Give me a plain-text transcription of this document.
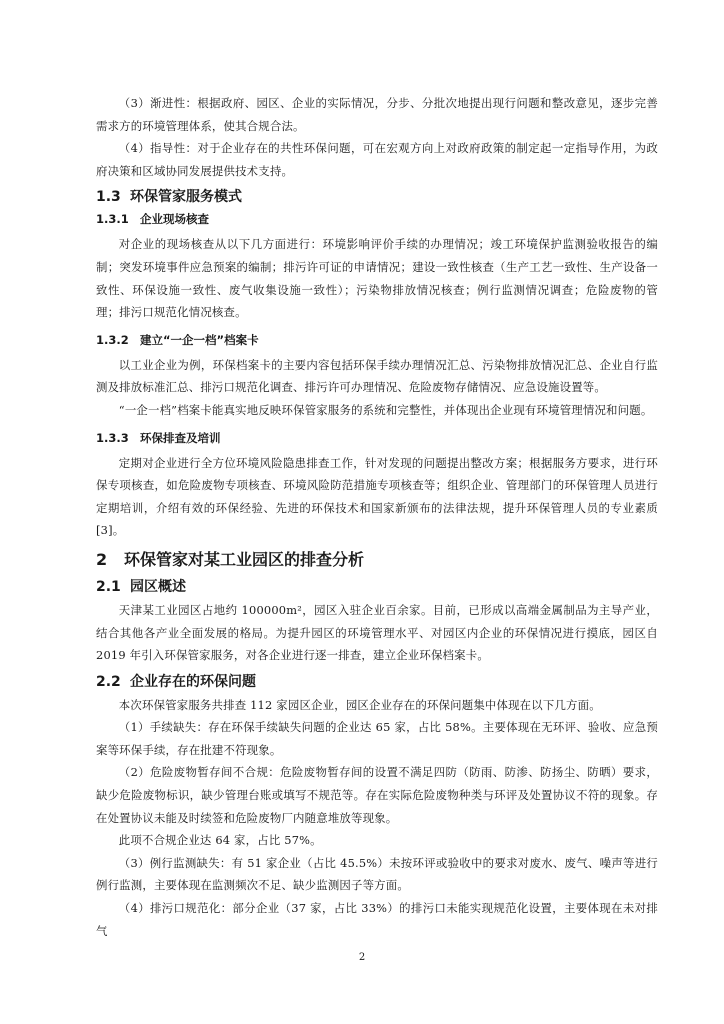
（3）渐进性：根据政府、园区、企业的实际情况，分步、分批次地提出现行问题和整改意见，逐步完善需求方的环境管理体系，使其合规合法。

（4）指导性：对于企业存在的共性环保问题，可在宏观方向上对政府政策的制定起一定指导作用，为政府决策和区域协同发展提供技术支持。

1.3 环保管家服务模式
1.3.1 企业现场核查

对企业的现场核查从以下几方面进行：环境影响评价手续的办理情况；竣工环境保护监测验收报告的编制；突发环境事件应急预案的编制；排污许可证的申请情况；建设一致性核查（生产工艺一致性、生产设备一致性、环保设施一致性、废气收集设施一致性）；污染物排放情况核查；例行监测情况调查；危险废物的管理；排污口规范化情况核查。

1.3.2 建立“一企一档”档案卡

以工业企业为例，环保档案卡的主要内容包括环保手续办理情况汇总、污染物排放情况汇总、企业自行监测及排放标准汇总、排污口规范化调查、排污许可办理情况、危险废物存储情况、应急设施设置等。

“一企一档”档案卡能真实地反映环保管家服务的系统和完整性，并体现出企业现有环境管理情况和问题。

1.3.3 环保排查及培训

定期对企业进行全方位环境风险隐患排查工作，针对发现的问题提出整改方案；根据服务方要求，进行环保专项核查，如危险废物专项核查、环境风险防范措施专项核查等；组织企业、管理部门的环保管理人员进行定期培训，介绍有效的环保经验、先进的环保技术和国家新颁布的法律法规，提升环保管理人员的专业素质[3]。

2 环保管家对某工业园区的排查分析
2.1 园区概述

天津某工业园区占地约 100000m²，园区入驻企业百余家。目前，已形成以高端金属制品为主导产业，结合其他各产业全面发展的格局。为提升园区的环境管理水平、对园区内企业的环保情况进行摸底，园区自 2019 年引入环保管家服务，对各企业进行逐一排查，建立企业环保档案卡。

2.2 企业存在的环保问题

本次环保管家服务共排查 112 家园区企业，园区企业存在的环保问题集中体现在以下几方面。

（1）手续缺失：存在环保手续缺失问题的企业达 65 家，占比 58%。主要体现在无环评、验收、应急预案等环保手续，存在批建不符现象。

（2）危险废物暂存间不合规：危险废物暂存间的设置不满足四防（防雨、防渗、防扬尘、防晒）要求，缺少危险废物标识，缺少管理台账或填写不规范等。存在实际危险废物种类与环评及处置协议不符的现象。存在处置协议未能及时续签和危险废物厂内随意堆放等现象。

此项不合规企业达 64 家，占比 57%。

（3）例行监测缺失：有 51 家企业（占比 45.5%）未按环评或验收中的要求对废水、废气、噪声等进行例行监测，主要体现在监测频次不足、缺少监测因子等方面。

（4）排污口规范化：部分企业（37 家，占比 33%）的排污口未能实现规范化设置，主要体现在未对排气

2
